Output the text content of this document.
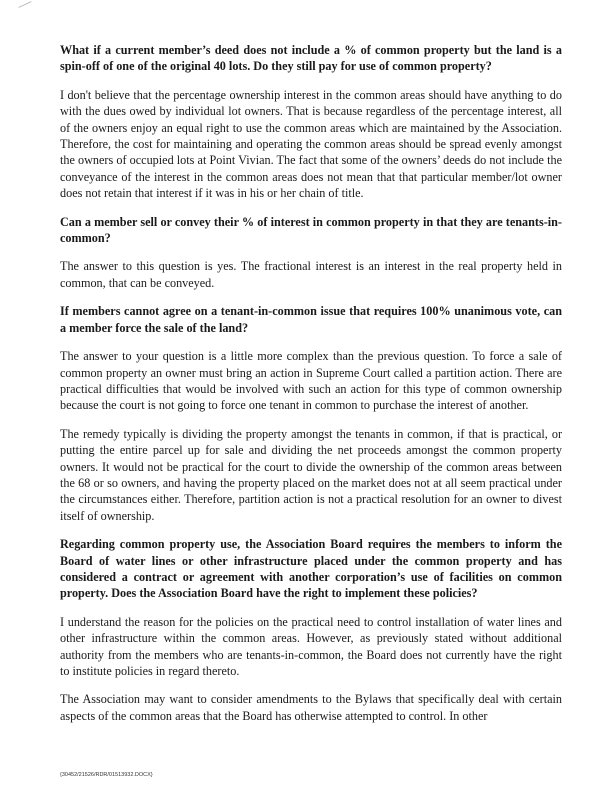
What if a current member’s deed does not include a % of common property but the land is a spin-off of one of the original 40 lots. Do they still pay for use of common property?

I don't believe that the percentage ownership interest in the common areas should have anything to do with the dues owed by individual lot owners. That is because regardless of the percentage interest, all of the owners enjoy an equal right to use the common areas which are maintained by the Association. Therefore, the cost for maintaining and operating the common areas should be spread evenly amongst the owners of occupied lots at Point Vivian. The fact that some of the owners’ deeds do not include the conveyance of the interest in the common areas does not mean that that particular member/lot owner does not retain that interest if it was in his or her chain of title.

Can a member sell or convey their % of interest in common property in that they are tenants-in-common?

The answer to this question is yes. The fractional interest is an interest in the real property held in common, that can be conveyed.

If members cannot agree on a tenant-in-common issue that requires 100% unanimous vote, can a member force the sale of the land?

The answer to your question is a little more complex than the previous question. To force a sale of common property an owner must bring an action in Supreme Court called a partition action. There are practical difficulties that would be involved with such an action for this type of common ownership because the court is not going to force one tenant in common to purchase the interest of another.

The remedy typically is dividing the property amongst the tenants in common, if that is practical, or putting the entire parcel up for sale and dividing the net proceeds amongst the common property owners. It would not be practical for the court to divide the ownership of the common areas between the 68 or so owners, and having the property placed on the market does not at all seem practical under the circumstances either. Therefore, partition action is not a practical resolution for an owner to divest itself of ownership.

Regarding common property use, the Association Board requires the members to inform the Board of water lines or other infrastructure placed under the common property and has considered a contract or agreement with another corporation’s use of facilities on common property. Does the Association Board have the right to implement these policies?

I understand the reason for the policies on the practical need to control installation of water lines and other infrastructure within the common areas. However, as previously stated without additional authority from the members who are tenants-in-common, the Board does not currently have the right to institute policies in regard thereto.

The Association may want to consider amendments to the Bylaws that specifically deal with certain aspects of the common areas that the Board has otherwise attempted to control. In other

{30452/21526/RDR/01513932.DOCX}
